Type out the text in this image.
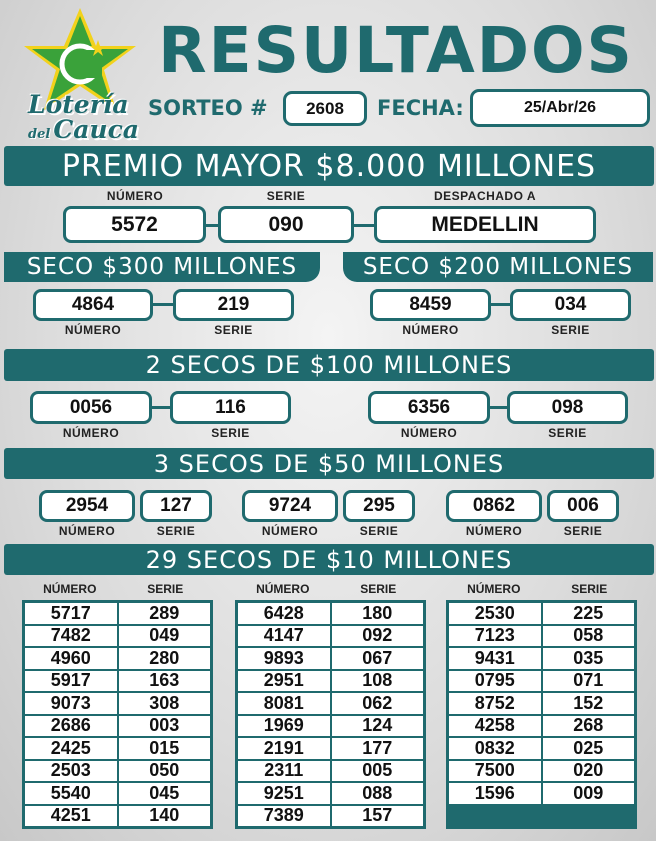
Lotería
del Cauca
RESULTADOS
SORTEO #	2608	FECHA:	25/Abr/26
PREMIO MAYOR $8.000 MILLONES
NÚMERO	SERIE	DESPACHADO A
5572	090	MEDELLIN
SECO $300 MILLONES	SECO $200 MILLONES
4864	219
NÚMERO	SERIE
8459	034
NÚMERO	SERIE
2 SECOS DE $100 MILLONES
0056	116
NÚMERO	SERIE
6356	098
NÚMERO	SERIE
3 SECOS DE $50 MILLONES
2954	127
NÚMERO	SERIE
9724	295
NÚMERO	SERIE
0862	006
NÚMERO	SERIE
29 SECOS DE $10 MILLONES
NÚMERO	SERIE
5717	289
7482	049
4960	280
5917	163
9073	308
2686	003
2425	015
2503	050
5540	045
4251	140
NÚMERO	SERIE
6428	180
4147	092
9893	067
2951	108
8081	062
1969	124
2191	177
2311	005
9251	088
7389	157
NÚMERO	SERIE
2530	225
7123	058
9431	035
0795	071
8752	152
4258	268
0832	025
7500	020
1596	009
